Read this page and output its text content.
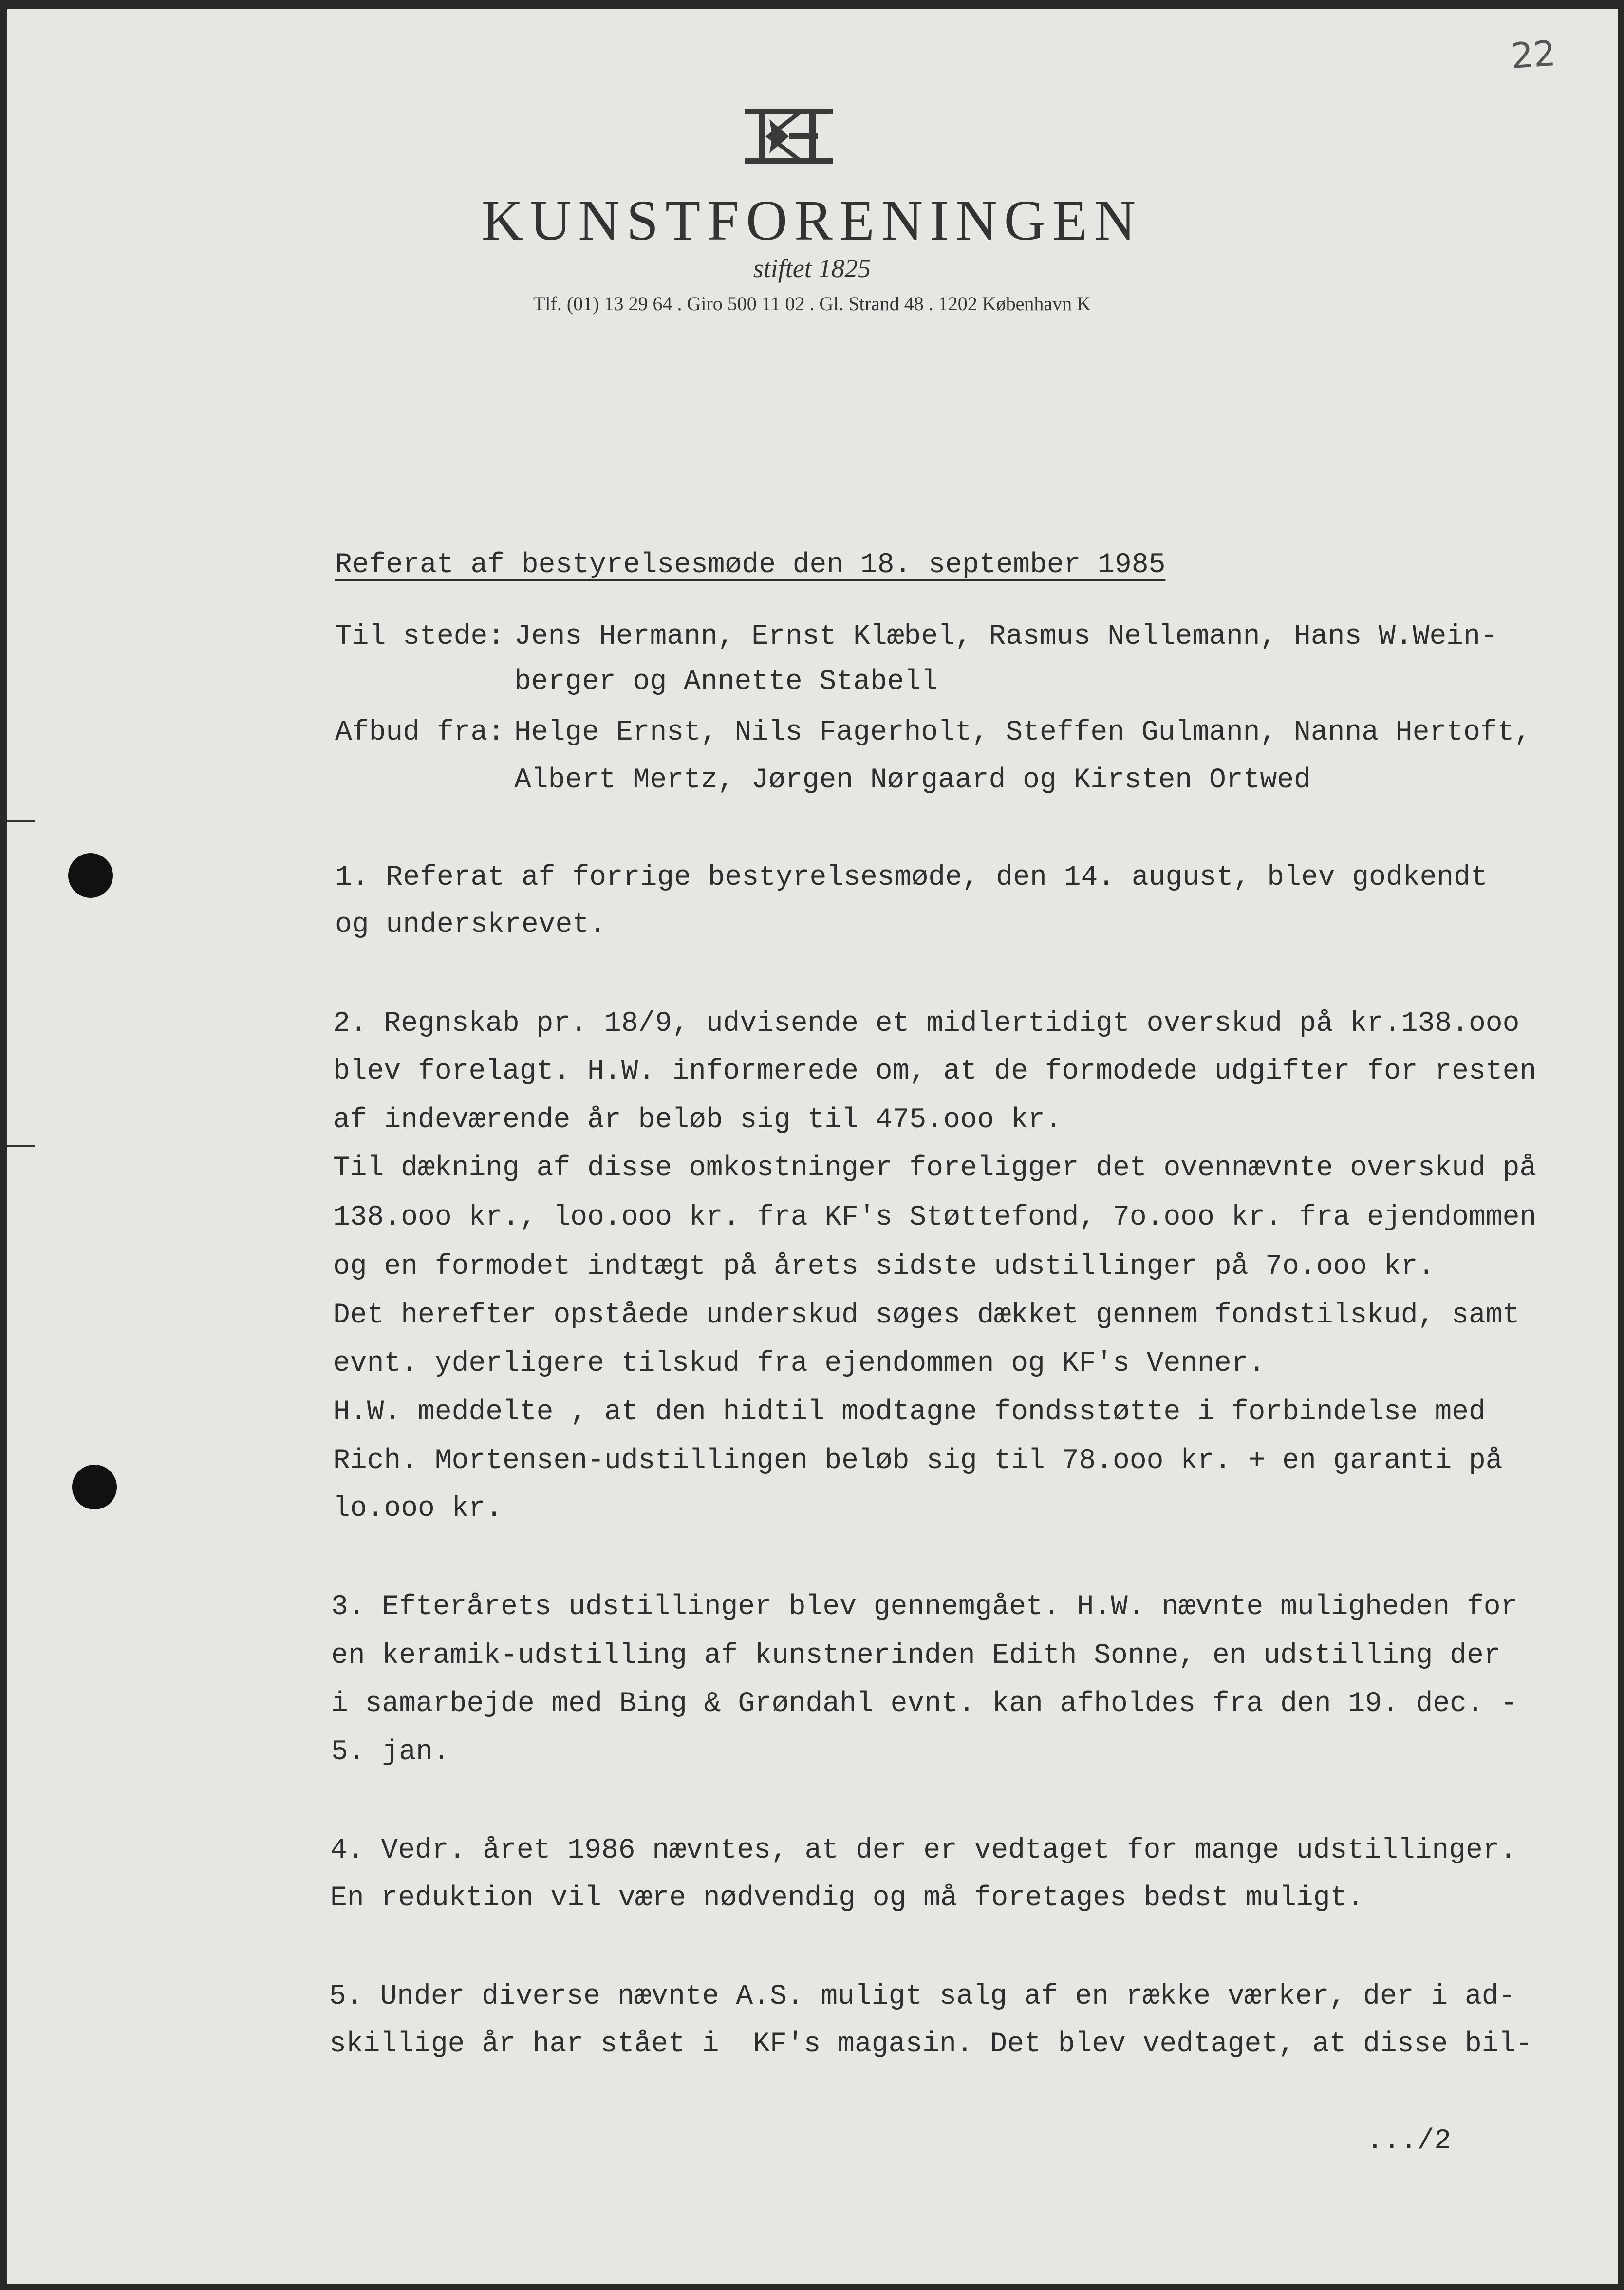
22
KUNSTFORENINGEN
stiftet 1825
Tlf. (01) 13 29 64 . Giro 500 11 02 . Gl. Strand 48 . 1202 København K
Referat af bestyrelsesmøde den 18. september 1985
Til stede: Jens Hermann, Ernst Klæbel, Rasmus Nellemann, Hans W.Wein-
berger og Annette Stabell
Afbud fra: Helge Ernst, Nils Fagerholt, Steffen Gulmann, Nanna Hertoft,
Albert Mertz, Jørgen Nørgaard og Kirsten Ortwed
1. Referat af forrige bestyrelsesmøde, den 14. august, blev godkendt
og underskrevet.
2. Regnskab pr. 18/9, udvisende et midlertidigt overskud på kr.138.ooo
blev forelagt. H.W. informerede om, at de formodede udgifter for resten
af indeværende år beløb sig til 475.ooo kr.
Til dækning af disse omkostninger foreligger det ovennævnte overskud på
138.ooo kr., loo.ooo kr. fra KF's Støttefond, 7o.ooo kr. fra ejendommen
og en formodet indtægt på årets sidste udstillinger på 7o.ooo kr.
Det herefter opståede underskud søges dækket gennem fondstilskud, samt
evnt. yderligere tilskud fra ejendommen og KF's Venner.
H.W. meddelte , at den hidtil modtagne fondsstøtte i forbindelse med
Rich. Mortensen-udstillingen beløb sig til 78.ooo kr. + en garanti på
lo.ooo kr.
3. Efterårets udstillinger blev gennemgået. H.W. nævnte muligheden for
en keramik-udstilling af kunstnerinden Edith Sonne, en udstilling der
i samarbejde med Bing & Grøndahl evnt. kan afholdes fra den 19. dec. -
5. jan.
4. Vedr. året 1986 nævntes, at der er vedtaget for mange udstillinger.
En reduktion vil være nødvendig og må foretages bedst muligt.
5. Under diverse nævnte A.S. muligt salg af en række værker, der i ad-
skillige år har stået i  KF's magasin. Det blev vedtaget, at disse bil-
.../2
